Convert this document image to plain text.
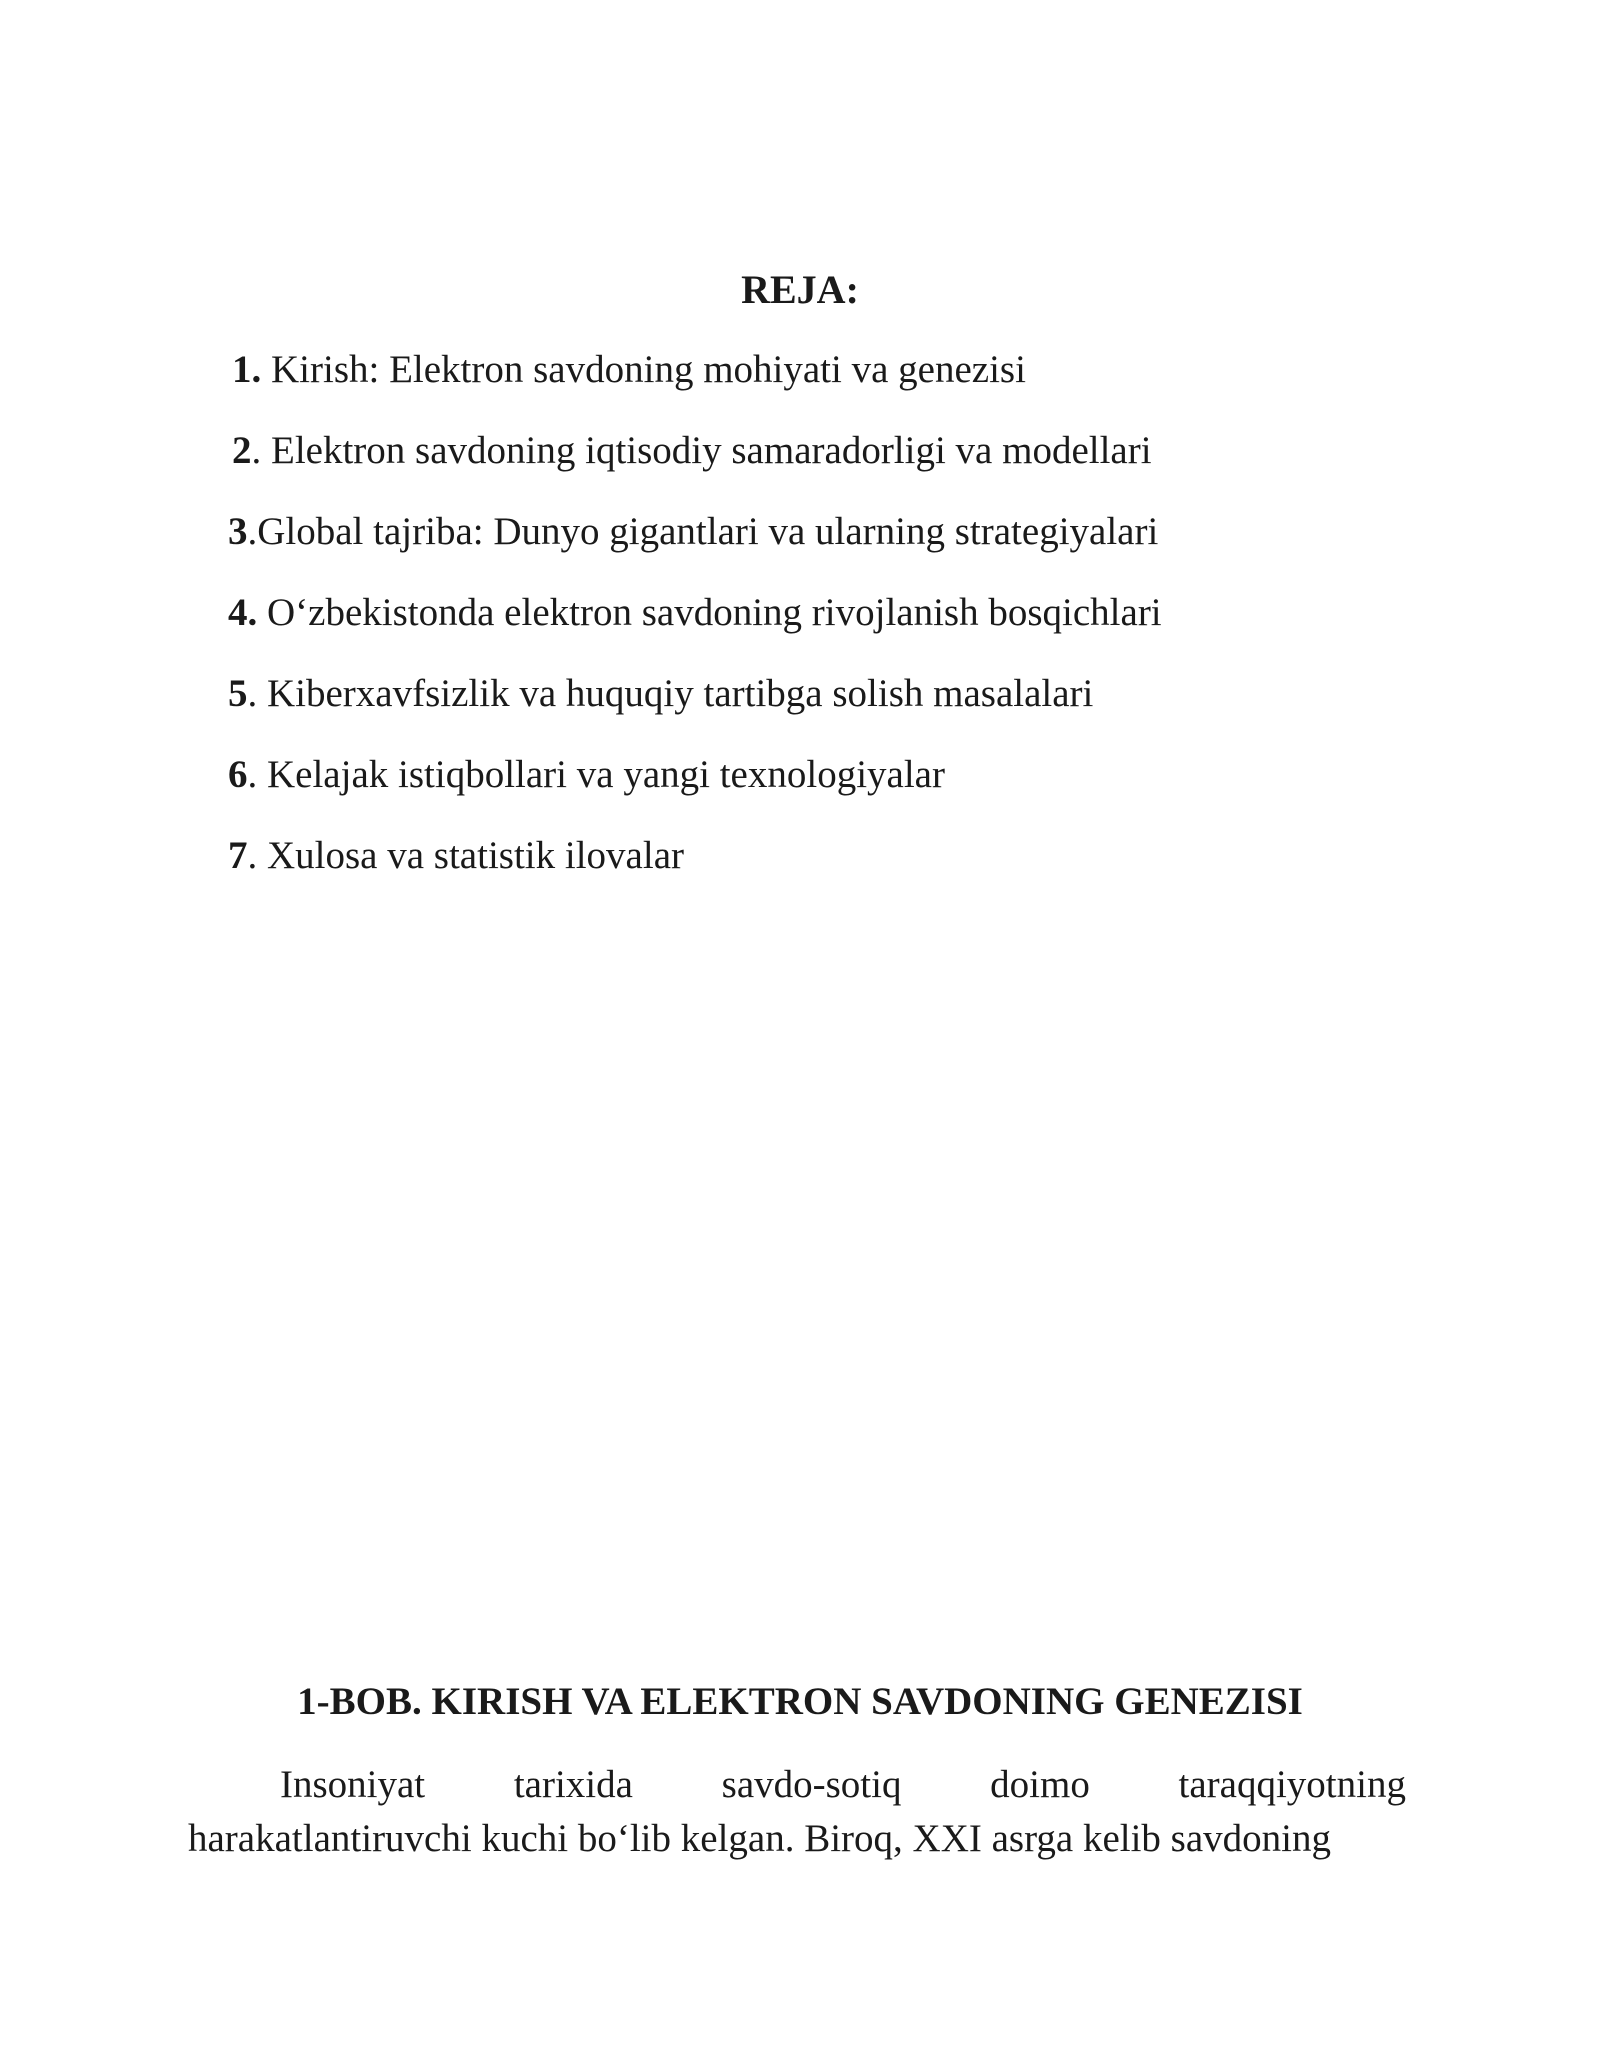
REJA:
1. Kirish: Elektron savdoning mohiyati va genezisi
2. Elektron savdoning iqtisodiy samaradorligi va modellari
3.Global tajriba: Dunyo gigantlari va ularning strategiyalari
4. O‘zbekistonda elektron savdoning rivojlanish bosqichlari
5. Kiberxavfsizlik va huquqiy tartibga solish masalalari
6. Kelajak istiqbollari va yangi texnologiyalar
7. Xulosa va statistik ilovalar
1-BOB. KIRISH VA ELEKTRON SAVDONING GENEZISI
Insoniyat tarixida savdo-sotiq doimo taraqqiyotning
harakatlantiruvchi kuchi bo‘lib kelgan. Biroq, XXI asrga kelib savdoning
